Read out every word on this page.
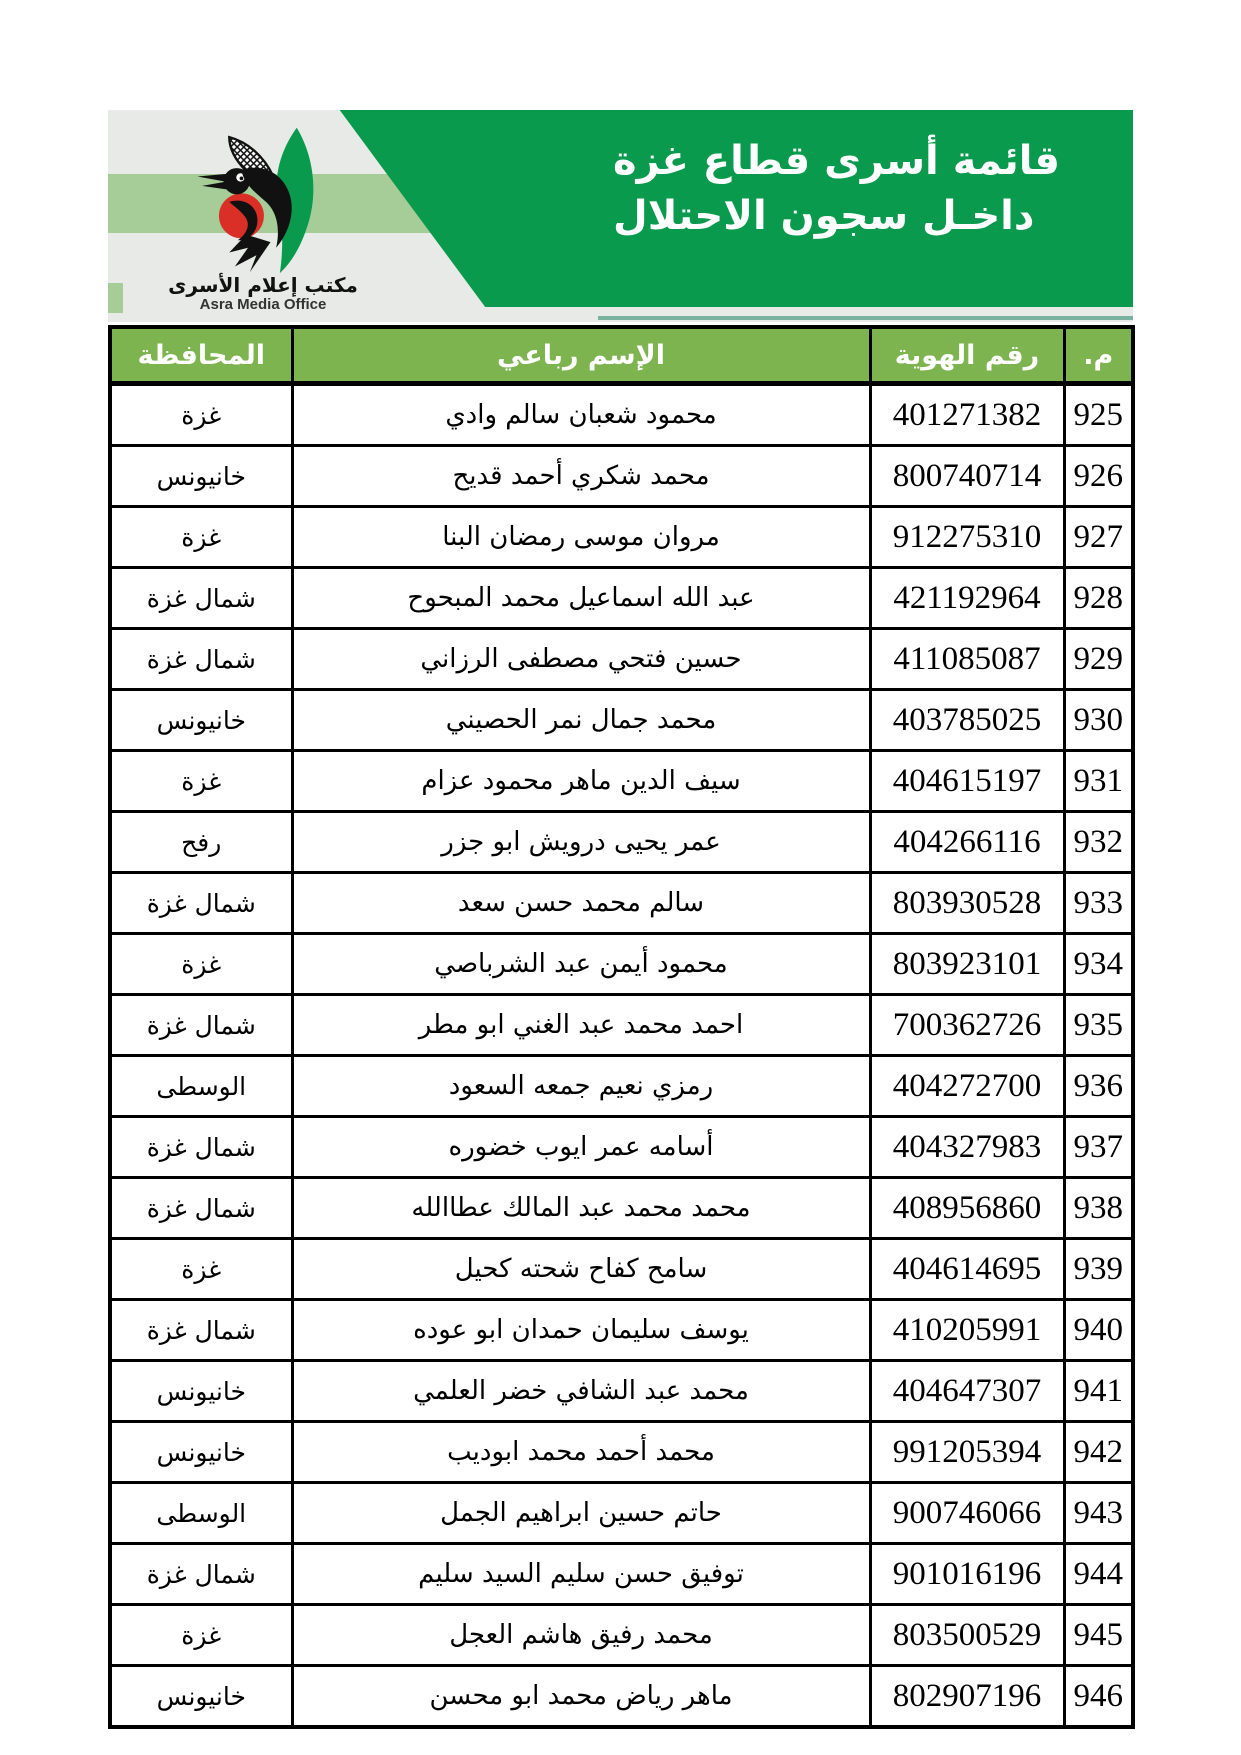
قائمة أسرى قطاع غزة
داخـل سجون الاحتلال
مكتب إعلام الأسرى
Asra Media Office
م.	رقم الهوية	الإسم رباعي	المحافظة
925	401271382	محمود شعبان سالم وادي	غزة
926	800740714	محمد شكري أحمد قديح	خانيونس
927	912275310	مروان موسى رمضان البنا	غزة
928	421192964	عبد الله اسماعيل محمد المبحوح	شمال غزة
929	411085087	حسين فتحي مصطفى الرزاني	شمال غزة
930	403785025	محمد جمال نمر الحصيني	خانيونس
931	404615197	سيف الدين ماهر محمود عزام	غزة
932	404266116	عمر يحيى درويش ابو جزر	رفح
933	803930528	سالم محمد حسن سعد	شمال غزة
934	803923101	محمود أيمن عبد الشرباصي	غزة
935	700362726	احمد محمد عبد الغني ابو مطر	شمال غزة
936	404272700	رمزي نعيم جمعه السعود	الوسطى
937	404327983	أسامه عمر ايوب خضوره	شمال غزة
938	408956860	محمد محمد عبد المالك عطاالله	شمال غزة
939	404614695	سامح كفاح شحته كحيل	غزة
940	410205991	يوسف سليمان حمدان ابو عوده	شمال غزة
941	404647307	محمد عبد الشافي خضر العلمي	خانيونس
942	991205394	محمد أحمد محمد ابوديب	خانيونس
943	900746066	حاتم حسين ابراهيم الجمل	الوسطى
944	901016196	توفيق حسن سليم السيد سليم	شمال غزة
945	803500529	محمد رفيق هاشم العجل	غزة
946	802907196	ماهر رياض محمد ابو محسن	خانيونس
